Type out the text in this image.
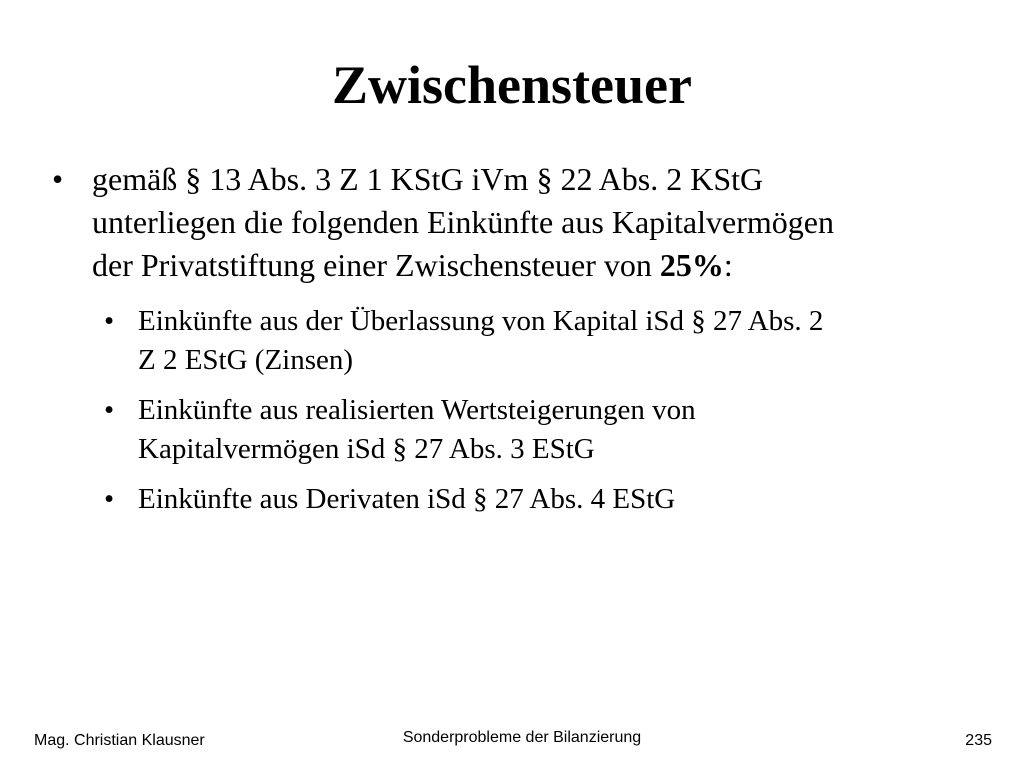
Zwischensteuer
• gemäß § 13 Abs. 3 Z 1 KStG iVm § 22 Abs. 2 KStG
unterliegen die folgenden Einkünfte aus Kapitalvermögen
der Privatstiftung einer Zwischensteuer von 25%:
• Einkünfte aus der Überlassung von Kapital iSd § 27 Abs. 2
Z 2 EStG (Zinsen)
• Einkünfte aus realisierten Wertsteigerungen von
Kapitalvermögen iSd § 27 Abs. 3 EStG
• Einkünfte aus Derivaten iSd § 27 Abs. 4 EStG
Mag. Christian Klausner	Sonderprobleme der Bilanzierung	235
